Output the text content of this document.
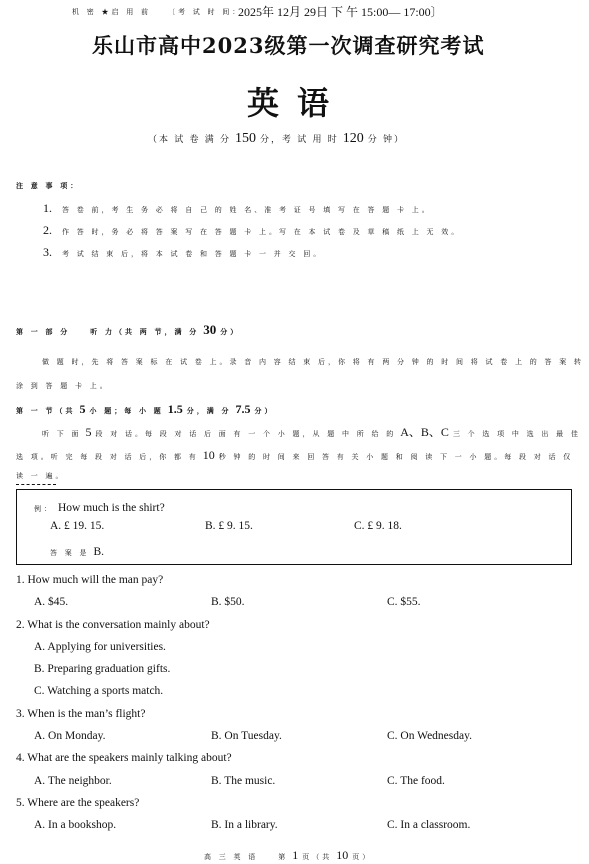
机 密 ★启 用 前 〔考 试 时 间：
2025年 12月 29日 下 午 15:00— 17:00〕
乐山市高中2023级第一次调查研究考试
英语
（本 试 卷 满 分 150 分，考 试 用 时 120 分 钟）
注 意 事 项：
1. 答 卷 前，考 生 务 必 将 自 己 的 姓 名、准 考 证 号 填 写 在 答 题 卡 上。
2. 作 答 时，务 必 将 答 案 写 在 答 题 卡 上。写 在 本 试 卷 及 草 稿 纸 上 无 效。
3. 考 试 结 束 后，将 本 试 卷 和 答 题 卡 一 并 交 回。
第 一 部 分　　听 力（共 两 节，满 分 30 分）
做 题 时，先 将 答 案 标 在 试 卷 上。录 音 内 容 结 束 后，你 将 有 两 分 钟 的 时 间 将 试 卷 上 的 答 案 转
涂 到 答 题 卡 上。
第 一 节（共 5 小 题；每 小 题 1.5 分，满 分 7.5 分）
听 下 面 5 段 对 话。每 段 对 话 后 面 有 一 个 小 题，从 题 中 所 给 的 A、B、C 三 个 选 项 中 选 出 最 佳
选 项。听 完 每 段 对 话 后，你 都 有 10 秒 钟 的 时 间 来 回 答 有 关 小 题 和 阅 读 下 一 小 题。每 段 对 话 仅
读 一 遍。
例： How much is the shirt?
A. £ 19. 15.	B. £ 9. 15.	C. £ 9. 18.
答 案 是 B.
1. How much will the man pay?
A. $45.	B. $50.	C. $55.
2. What is the conversation mainly about?
A. Applying for universities.
B. Preparing graduation gifts.
C. Watching a sports match.
3. When is the man’s flight?
A. On Monday.	B. On Tuesday.	C. On Wednesday.
4. What are the speakers mainly talking about?
A. The neighbor.	B. The music.	C. The food.
5. Where are the speakers?
A. In a bookshop.	B. In a library.	C. In a classroom.
高 三 英 语　　第 1 页（共 10 页）
